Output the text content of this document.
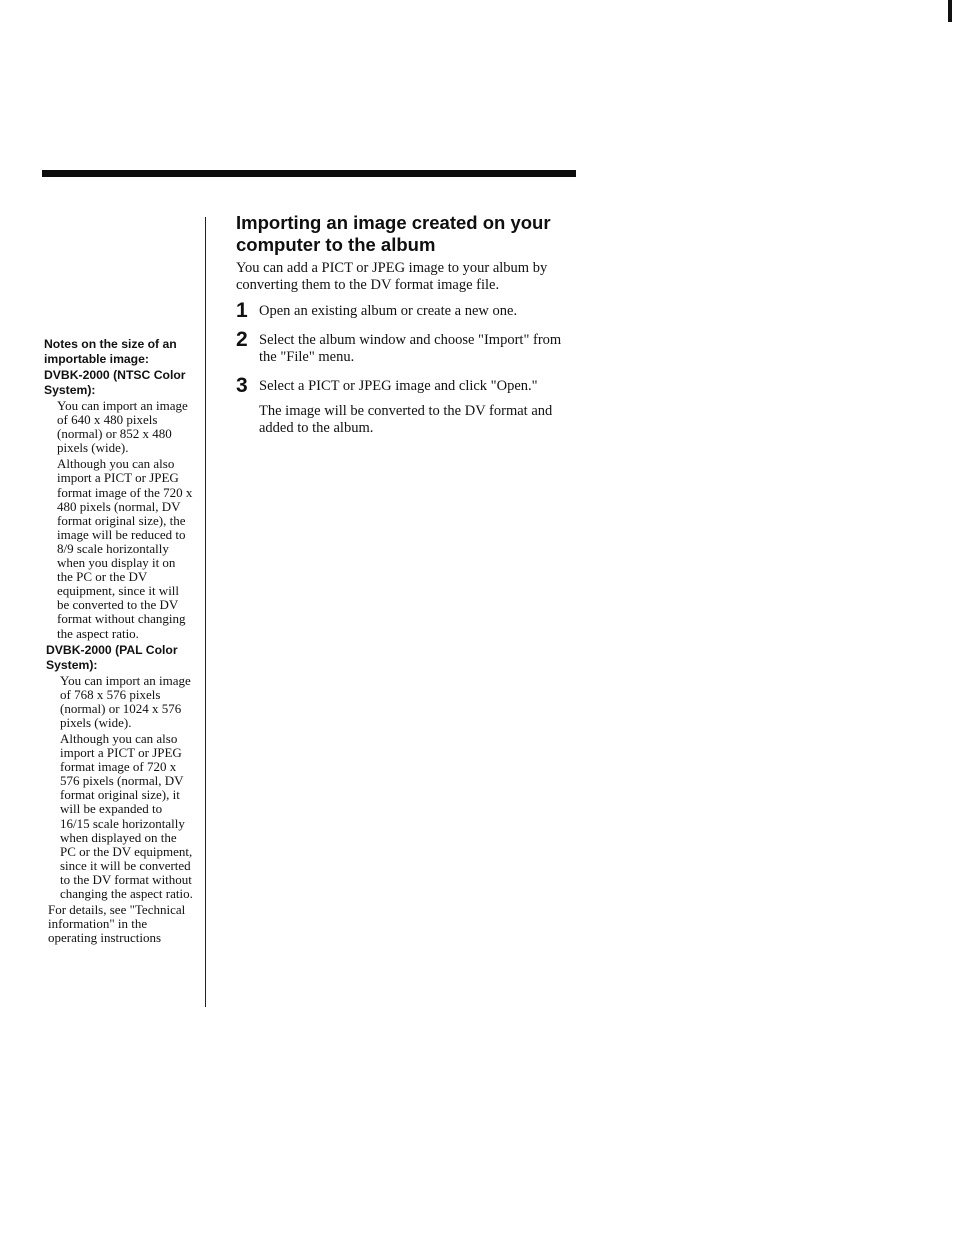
Notes on the size of an importable image:

DVBK-2000 (NTSC Color System):

You can import an image of 640 x 480 pixels (normal) or 852 x 480 pixels (wide).

Although you can also import a PICT or JPEG format image of the 720 x 480 pixels (normal, DV format original size), the image will be reduced to 8/9 scale horizontally when you display it on the PC or the DV equipment, since it will be converted to the DV format without changing the aspect ratio.

DVBK-2000 (PAL Color System):

You can import an image of 768 x 576 pixels (normal) or 1024 x 576 pixels (wide).

Although you can also import a PICT or JPEG format image of 720 x 576 pixels (normal, DV format original size), it will be expanded to 16/15 scale horizontally when displayed on the PC or the DV equipment, since it will be converted to the DV format without changing the aspect ratio.

For details, see "Technical information" in the operating instructions

Importing an image created on your computer to the album

You can add a PICT or JPEG image to your album by converting them to the DV format image file.

1 Open an existing album or create a new one.
2 Select the album window and choose "Import" from the "File" menu.
3 Select a PICT or JPEG image and click "Open."

The image will be converted to the DV format and added to the album.
